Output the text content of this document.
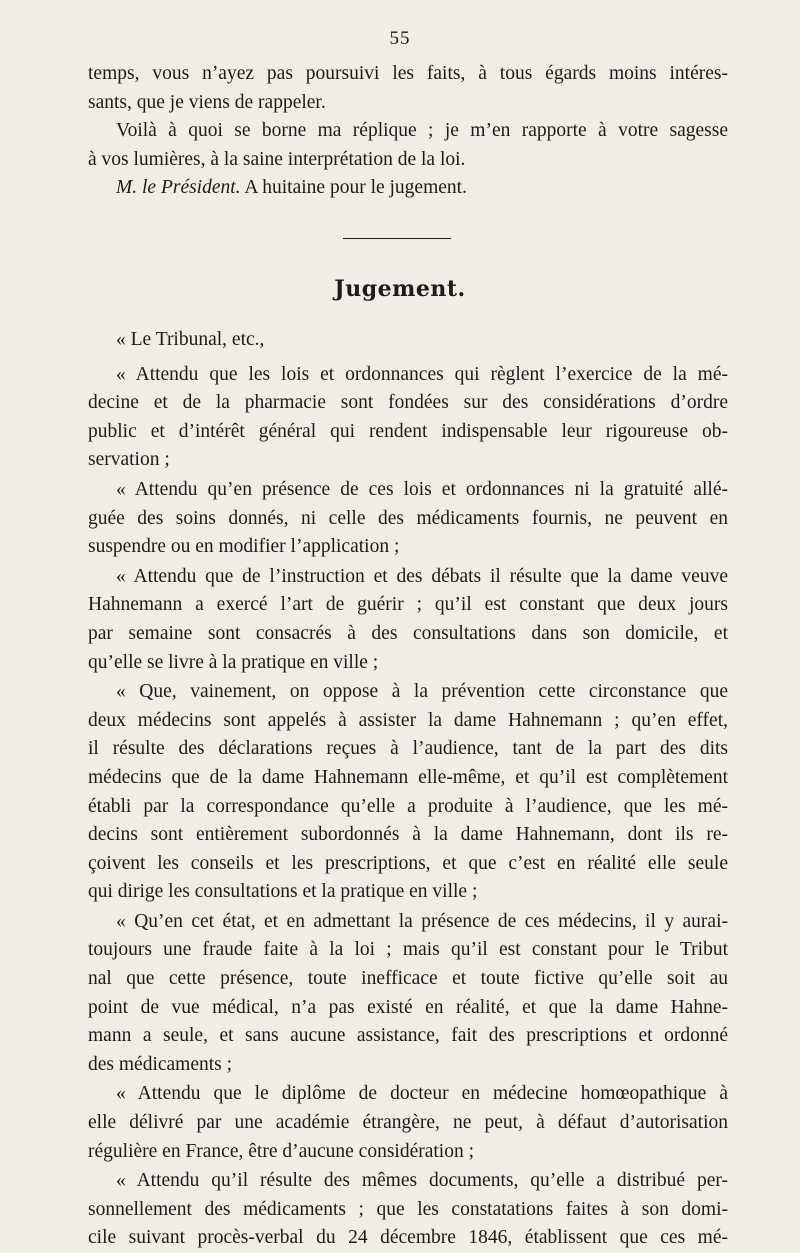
55
temps, vous n’ayez pas poursuivi les faits, à tous égards moins intéres-
sants, que je viens de rappeler.
Voilà à quoi se borne ma réplique ; je m’en rapporte à votre sagesse
à vos lumières, à la saine interprétation de la loi.
M. le Président. A huitaine pour le jugement.
Jugement.
« Le Tribunal, etc.,
« Attendu que les lois et ordonnances qui règlent l’exercice de la mé-
decine et de la pharmacie sont fondées sur des considérations d’ordre
public et d’intérêt général qui rendent indispensable leur rigoureuse ob-
servation ;
« Attendu qu’en présence de ces lois et ordonnances ni la gratuité allé-
guée des soins donnés, ni celle des médicaments fournis, ne peuvent en
suspendre ou en modifier l’application ;
« Attendu que de l’instruction et des débats il résulte que la dame veuve
Hahnemann a exercé l’art de guérir ; qu’il est constant que deux jours
par semaine sont consacrés à des consultations dans son domicile, et
qu’elle se livre à la pratique en ville ;
« Que, vainement, on oppose à la prévention cette circonstance que
deux médecins sont appelés à assister la dame Hahnemann ; qu’en effet,
il résulte des déclarations reçues à l’audience, tant de la part des dits
médecins que de la dame Hahnemann elle-même, et qu’il est complètement
établi par la correspondance qu’elle a produite à l’audience, que les mé-
decins sont entièrement subordonnés à la dame Hahnemann, dont ils re-
çoivent les conseils et les prescriptions, et que c’est en réalité elle seule
qui dirige les consultations et la pratique en ville ;
« Qu’en cet état, et en admettant la présence de ces médecins, il y aurai-
toujours une fraude faite à la loi ; mais qu’il est constant pour le Tribut
nal que cette présence, toute inefficace et toute fictive qu’elle soit au
point de vue médical, n’a pas existé en réalité, et que la dame Hahne-
mann a seule, et sans aucune assistance, fait des prescriptions et ordonné
des médicaments ;
« Attendu que le diplôme de docteur en médecine homœopathique à
elle délivré par une académie étrangère, ne peut, à défaut d’autorisation
régulière en France, être d’aucune considération ;
« Attendu qu’il résulte des mêmes documents, qu’elle a distribué per-
sonnellement des médicaments ; que les constatations faites à son domi-
cile suivant procès-verbal du 24 décembre 1846, établissent que ces mé-
